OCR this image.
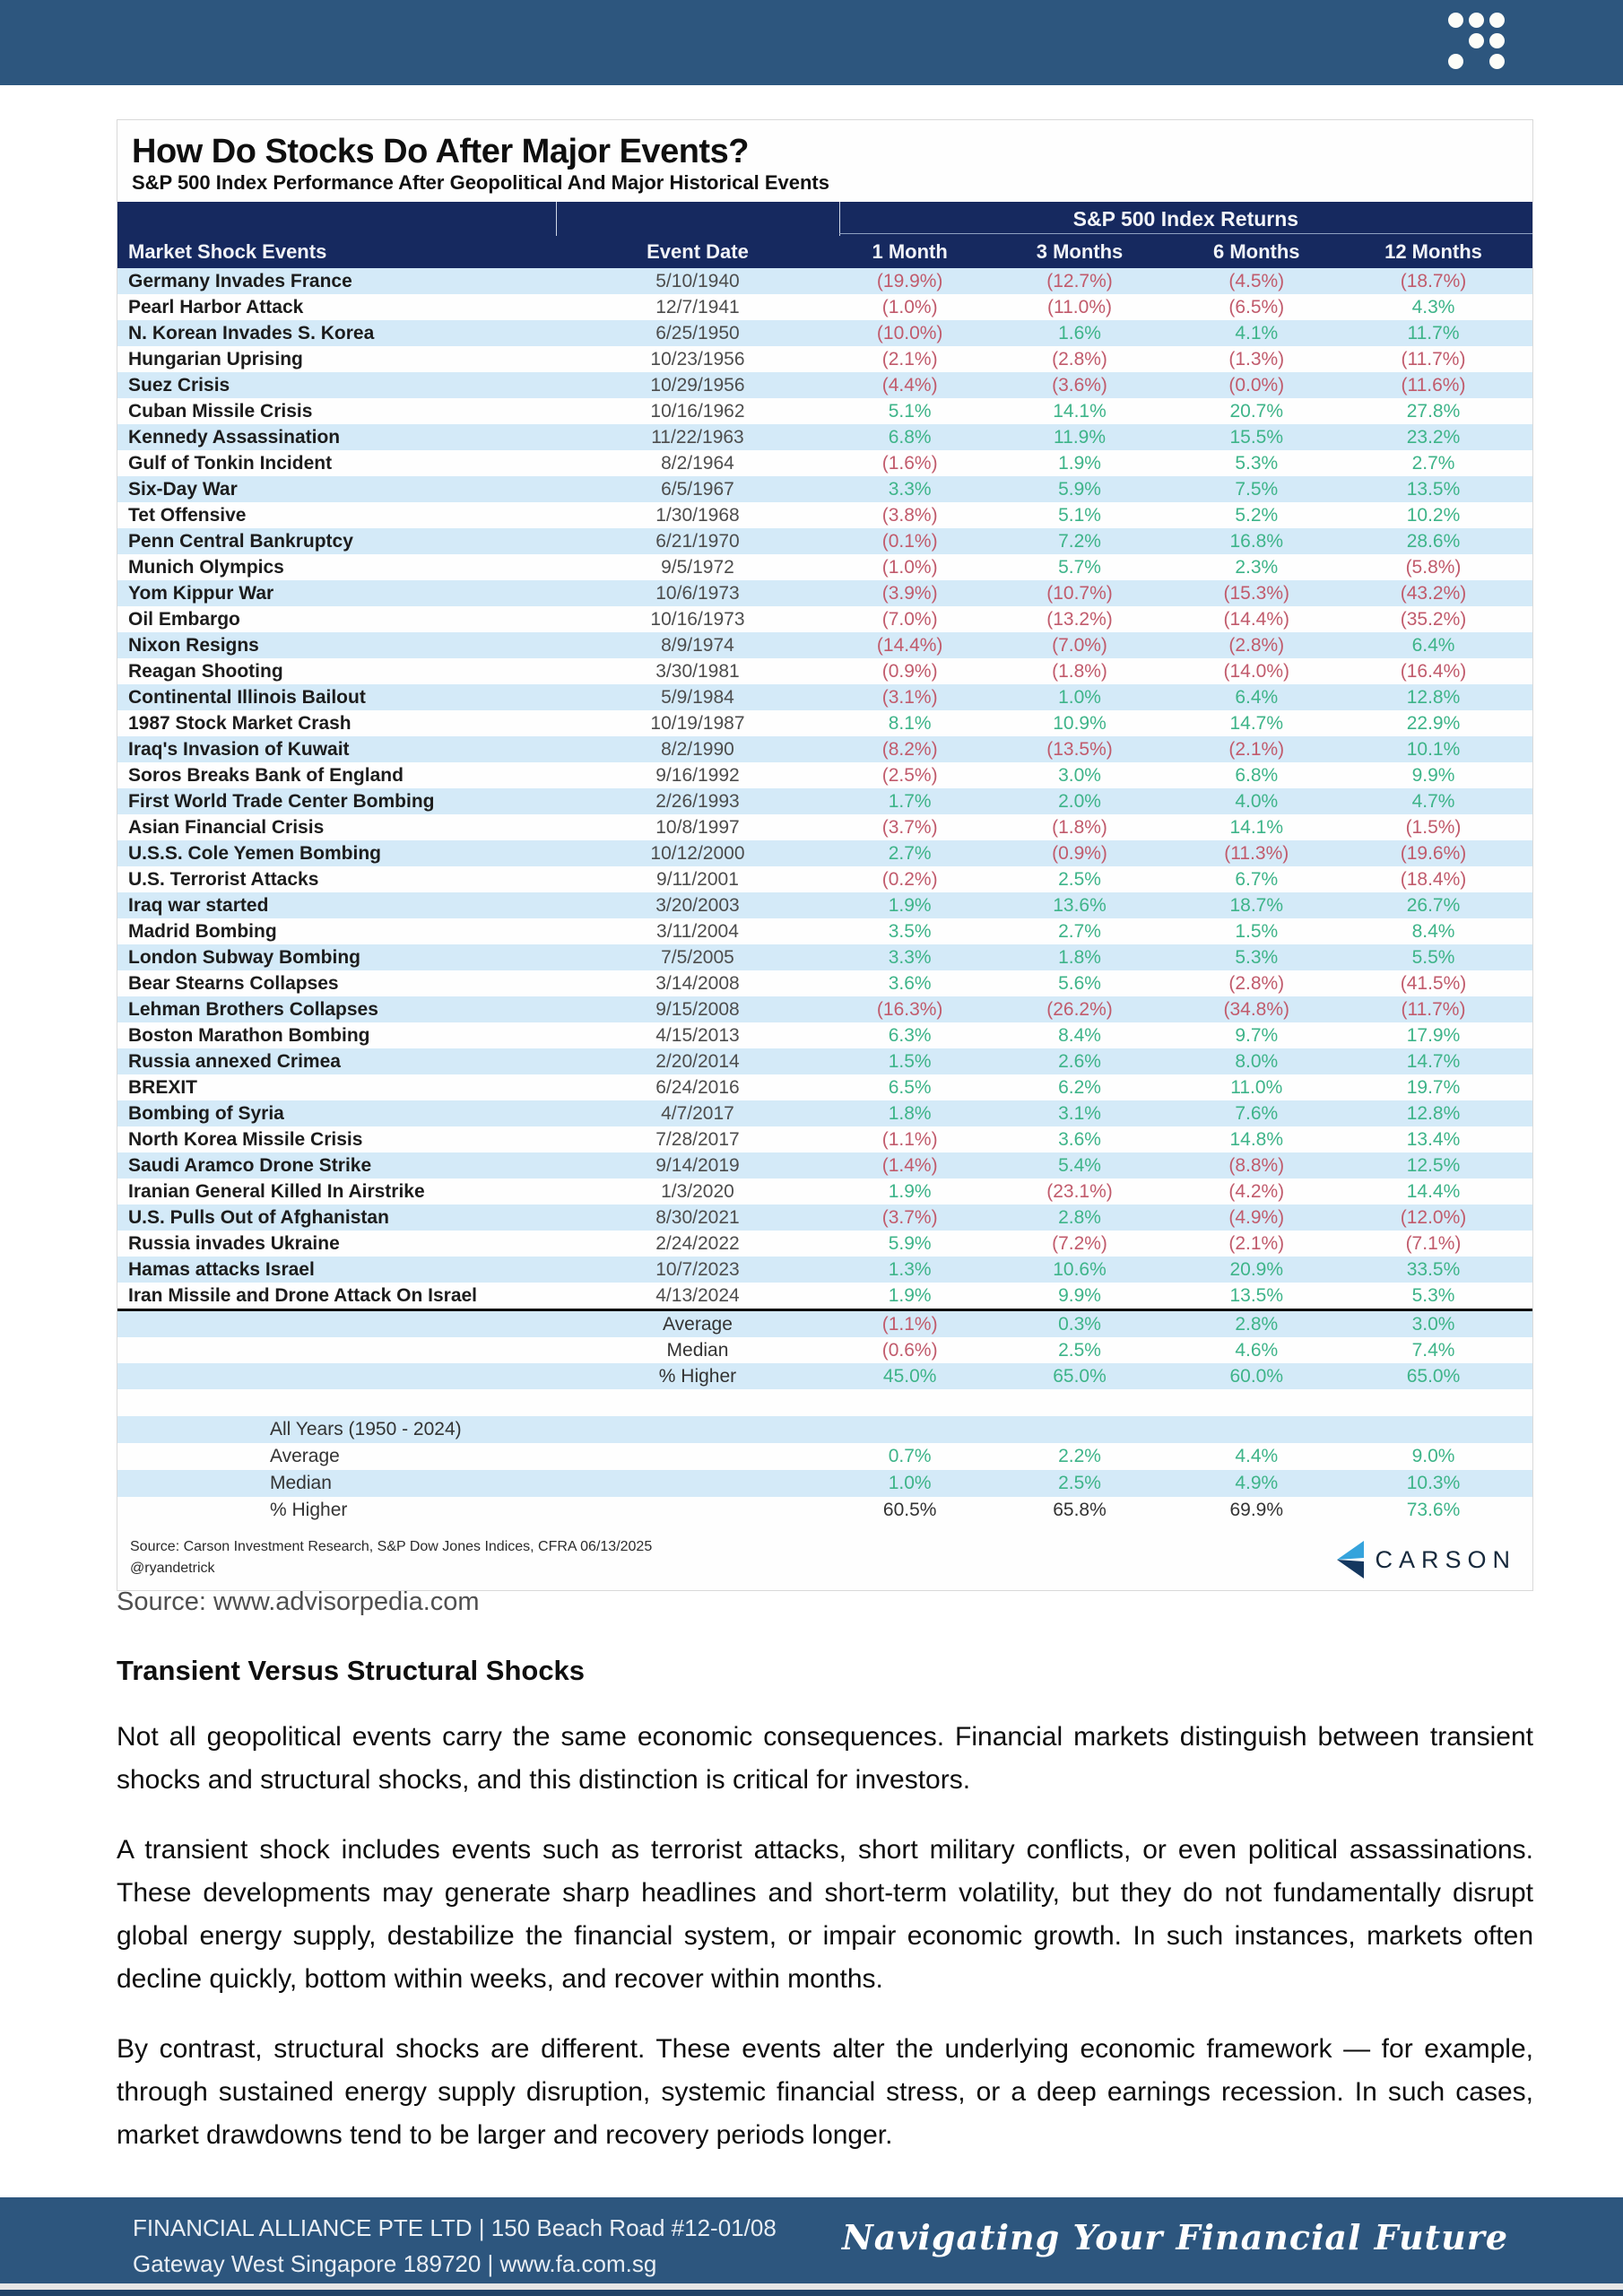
How Do Stocks Do After Major Events?
S&P 500 Index Performance After Geopolitical And Major Historical Events
S&P 500 Index Returns
Market Shock Events	Event Date	1 Month	3 Months	6 Months	12 Months
Germany Invades France	5/10/1940	(19.9%)	(12.7%)	(4.5%)	(18.7%)
Pearl Harbor Attack	12/7/1941	(1.0%)	(11.0%)	(6.5%)	4.3%
N. Korean Invades S. Korea	6/25/1950	(10.0%)	1.6%	4.1%	11.7%
Hungarian Uprising	10/23/1956	(2.1%)	(2.8%)	(1.3%)	(11.7%)
Suez Crisis	10/29/1956	(4.4%)	(3.6%)	(0.0%)	(11.6%)
Cuban Missile Crisis	10/16/1962	5.1%	14.1%	20.7%	27.8%
Kennedy Assassination	11/22/1963	6.8%	11.9%	15.5%	23.2%
Gulf of Tonkin Incident	8/2/1964	(1.6%)	1.9%	5.3%	2.7%
Six-Day War	6/5/1967	3.3%	5.9%	7.5%	13.5%
Tet Offensive	1/30/1968	(3.8%)	5.1%	5.2%	10.2%
Penn Central Bankruptcy	6/21/1970	(0.1%)	7.2%	16.8%	28.6%
Munich Olympics	9/5/1972	(1.0%)	5.7%	2.3%	(5.8%)
Yom Kippur War	10/6/1973	(3.9%)	(10.7%)	(15.3%)	(43.2%)
Oil Embargo	10/16/1973	(7.0%)	(13.2%)	(14.4%)	(35.2%)
Nixon Resigns	8/9/1974	(14.4%)	(7.0%)	(2.8%)	6.4%
Reagan Shooting	3/30/1981	(0.9%)	(1.8%)	(14.0%)	(16.4%)
Continental Illinois Bailout	5/9/1984	(3.1%)	1.0%	6.4%	12.8%
1987 Stock Market Crash	10/19/1987	8.1%	10.9%	14.7%	22.9%
Iraq's Invasion of Kuwait	8/2/1990	(8.2%)	(13.5%)	(2.1%)	10.1%
Soros Breaks Bank of England	9/16/1992	(2.5%)	3.0%	6.8%	9.9%
First World Trade Center Bombing	2/26/1993	1.7%	2.0%	4.0%	4.7%
Asian Financial Crisis	10/8/1997	(3.7%)	(1.8%)	14.1%	(1.5%)
U.S.S. Cole Yemen Bombing	10/12/2000	2.7%	(0.9%)	(11.3%)	(19.6%)
U.S. Terrorist Attacks	9/11/2001	(0.2%)	2.5%	6.7%	(18.4%)
Iraq war started	3/20/2003	1.9%	13.6%	18.7%	26.7%
Madrid Bombing	3/11/2004	3.5%	2.7%	1.5%	8.4%
London Subway Bombing	7/5/2005	3.3%	1.8%	5.3%	5.5%
Bear Stearns Collapses	3/14/2008	3.6%	5.6%	(2.8%)	(41.5%)
Lehman Brothers Collapses	9/15/2008	(16.3%)	(26.2%)	(34.8%)	(11.7%)
Boston Marathon Bombing	4/15/2013	6.3%	8.4%	9.7%	17.9%
Russia annexed Crimea	2/20/2014	1.5%	2.6%	8.0%	14.7%
BREXIT	6/24/2016	6.5%	6.2%	11.0%	19.7%
Bombing of Syria	4/7/2017	1.8%	3.1%	7.6%	12.8%
North Korea Missile Crisis	7/28/2017	(1.1%)	3.6%	14.8%	13.4%
Saudi Aramco Drone Strike	9/14/2019	(1.4%)	5.4%	(8.8%)	12.5%
Iranian General Killed In Airstrike	1/3/2020	1.9%	(23.1%)	(4.2%)	14.4%
U.S. Pulls Out of Afghanistan	8/30/2021	(3.7%)	2.8%	(4.9%)	(12.0%)
Russia invades Ukraine	2/24/2022	5.9%	(7.2%)	(2.1%)	(7.1%)
Hamas attacks Israel	10/7/2023	1.3%	10.6%	20.9%	33.5%
Iran Missile and Drone Attack On Israel	4/13/2024	1.9%	9.9%	13.5%	5.3%
Average	(1.1%)	0.3%	2.8%	3.0%
Median	(0.6%)	2.5%	4.6%	7.4%
% Higher	45.0%	65.0%	60.0%	65.0%
All Years (1950 - 2024)
Average	0.7%	2.2%	4.4%	9.0%
Median	1.0%	2.5%	4.9%	10.3%
% Higher	60.5%	65.8%	69.9%	73.6%
Source: Carson Investment Research, S&P Dow Jones Indices, CFRA 06/13/2025
@ryandetrick	CARSON

Source: www.advisorpedia.com

Transient Versus Structural Shocks

Not all geopolitical events carry the same economic consequences. Financial markets distinguish between transient shocks and structural shocks, and this distinction is critical for investors.

A transient shock includes events such as terrorist attacks, short military conflicts, or even political assassinations. These developments may generate sharp headlines and short-term volatility, but they do not fundamentally disrupt global energy supply, destabilize the financial system, or impair economic growth. In such instances, markets often decline quickly, bottom within weeks, and recover within months.

By contrast, structural shocks are different. These events alter the underlying economic framework — for example, through sustained energy supply disruption, systemic financial stress, or a deep earnings recession. In such cases, market drawdowns tend to be larger and recovery periods longer.

FINANCIAL ALLIANCE PTE LTD | 150 Beach Road #12-01/08
Gateway West Singapore 189720 | www.fa.com.sg
Navigating Your Financial Future
